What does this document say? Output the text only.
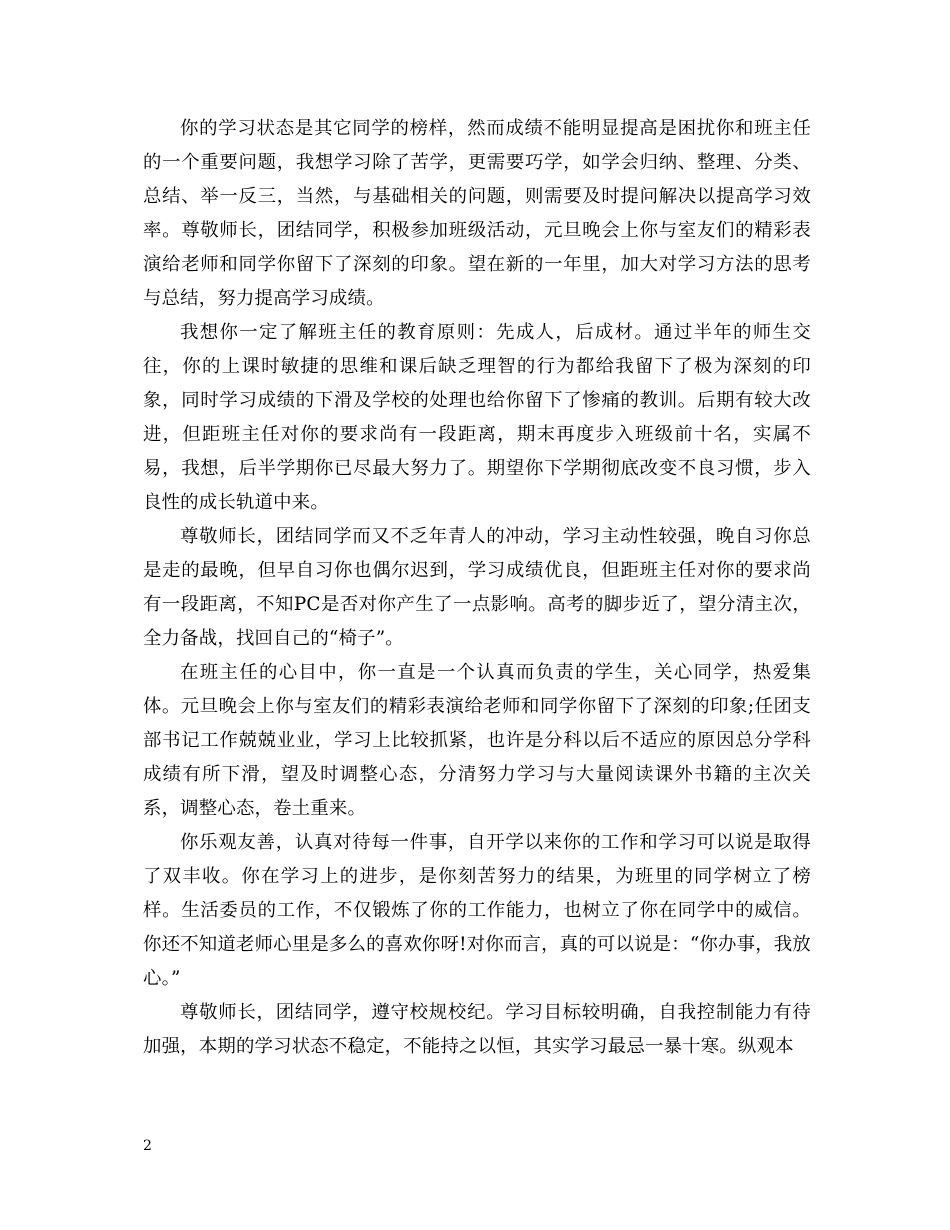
你的学习状态是其它同学的榜样，然而成绩不能明显提高是困扰你和班主任的一个重要问题，我想学习除了苦学，更需要巧学，如学会归纳、整理、分类、总结、举一反三，当然，与基础相关的问题，则需要及时提问解决以提高学习效率。尊敬师长，团结同学，积极参加班级活动，元旦晚会上你与室友们的精彩表演给老师和同学你留下了深刻的印象。望在新的一年里，加大对学习方法的思考与总结，努力提高学习成绩。

我想你一定了解班主任的教育原则：先成人，后成材。通过半年的师生交往，你的上课时敏捷的思维和课后缺乏理智的行为都给我留下了极为深刻的印象，同时学习成绩的下滑及学校的处理也给你留下了惨痛的教训。后期有较大改进，但距班主任对你的要求尚有一段距离，期末再度步入班级前十名，实属不易，我想，后半学期你已尽最大努力了。期望你下学期彻底改变不良习惯，步入良性的成长轨道中来。

尊敬师长，团结同学而又不乏年青人的冲动，学习主动性较强，晚自习你总是走的最晚，但早自习你也偶尔迟到，学习成绩优良，但距班主任对你的要求尚有一段距离，不知PC是否对你产生了一点影响。高考的脚步近了，望分清主次，全力备战，找回自己的“椅子”。

在班主任的心目中，你一直是一个认真而负责的学生，关心同学，热爱集体。元旦晚会上你与室友们的精彩表演给老师和同学你留下了深刻的印象;任团支部书记工作兢兢业业，学习上比较抓紧，也许是分科以后不适应的原因总分学科成绩有所下滑，望及时调整心态，分清努力学习与大量阅读课外书籍的主次关系，调整心态，卷土重来。

你乐观友善，认真对待每一件事，自开学以来你的工作和学习可以说是取得了双丰收。你在学习上的进步，是你刻苦努力的结果，为班里的同学树立了榜样。生活委员的工作，不仅锻炼了你的工作能力，也树立了你在同学中的威信。你还不知道老师心里是多么的喜欢你呀!对你而言，真的可以说是：“你办事，我放心。”

尊敬师长，团结同学，遵守校规校纪。学习目标较明确，自我控制能力有待加强，本期的学习状态不稳定，不能持之以恒，其实学习最忌一暴十寒。纵观本

2
